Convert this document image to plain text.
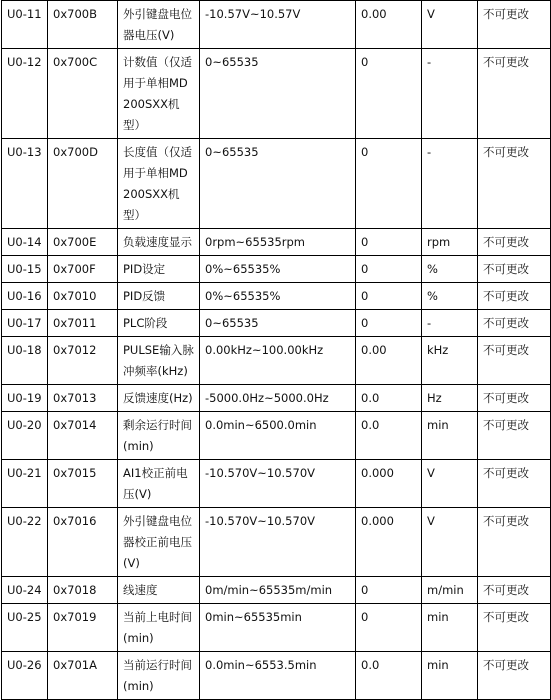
U0-11	0x700B	外引键盘电位器电压(V)	-10.57V~10.57V	0.00	V	不可更改
U0-12	0x700C	计数值（仅适用于单相MD200SXX机型）	0~65535	0	-	不可更改
U0-13	0x700D	长度值（仅适用于单相MD200SXX机型）	0~65535	0	-	不可更改
U0-14	0x700E	负载速度显示	0rpm~65535rpm	0	rpm	不可更改
U0-15	0x700F	PID设定	0%~65535%	0	%	不可更改
U0-16	0x7010	PID反馈	0%~65535%	0	%	不可更改
U0-17	0x7011	PLC阶段	0~65535	0	-	不可更改
U0-18	0x7012	PULSE输入脉冲频率(kHz)	0.00kHz~100.00kHz	0.00	kHz	不可更改
U0-19	0x7013	反馈速度(Hz)	-5000.0Hz~5000.0Hz	0.0	Hz	不可更改
U0-20	0x7014	剩余运行时间(min)	0.0min~6500.0min	0.0	min	不可更改
U0-21	0x7015	AI1校正前电压(V)	-10.570V~10.570V	0.000	V	不可更改
U0-22	0x7016	外引键盘电位器校正前电压(V)	-10.570V~10.570V	0.000	V	不可更改
U0-24	0x7018	线速度	0m/min~65535m/min	0	m/min	不可更改
U0-25	0x7019	当前上电时间(min)	0min~65535min	0	min	不可更改
U0-26	0x701A	当前运行时间(min)	0.0min~6553.5min	0.0	min	不可更改
